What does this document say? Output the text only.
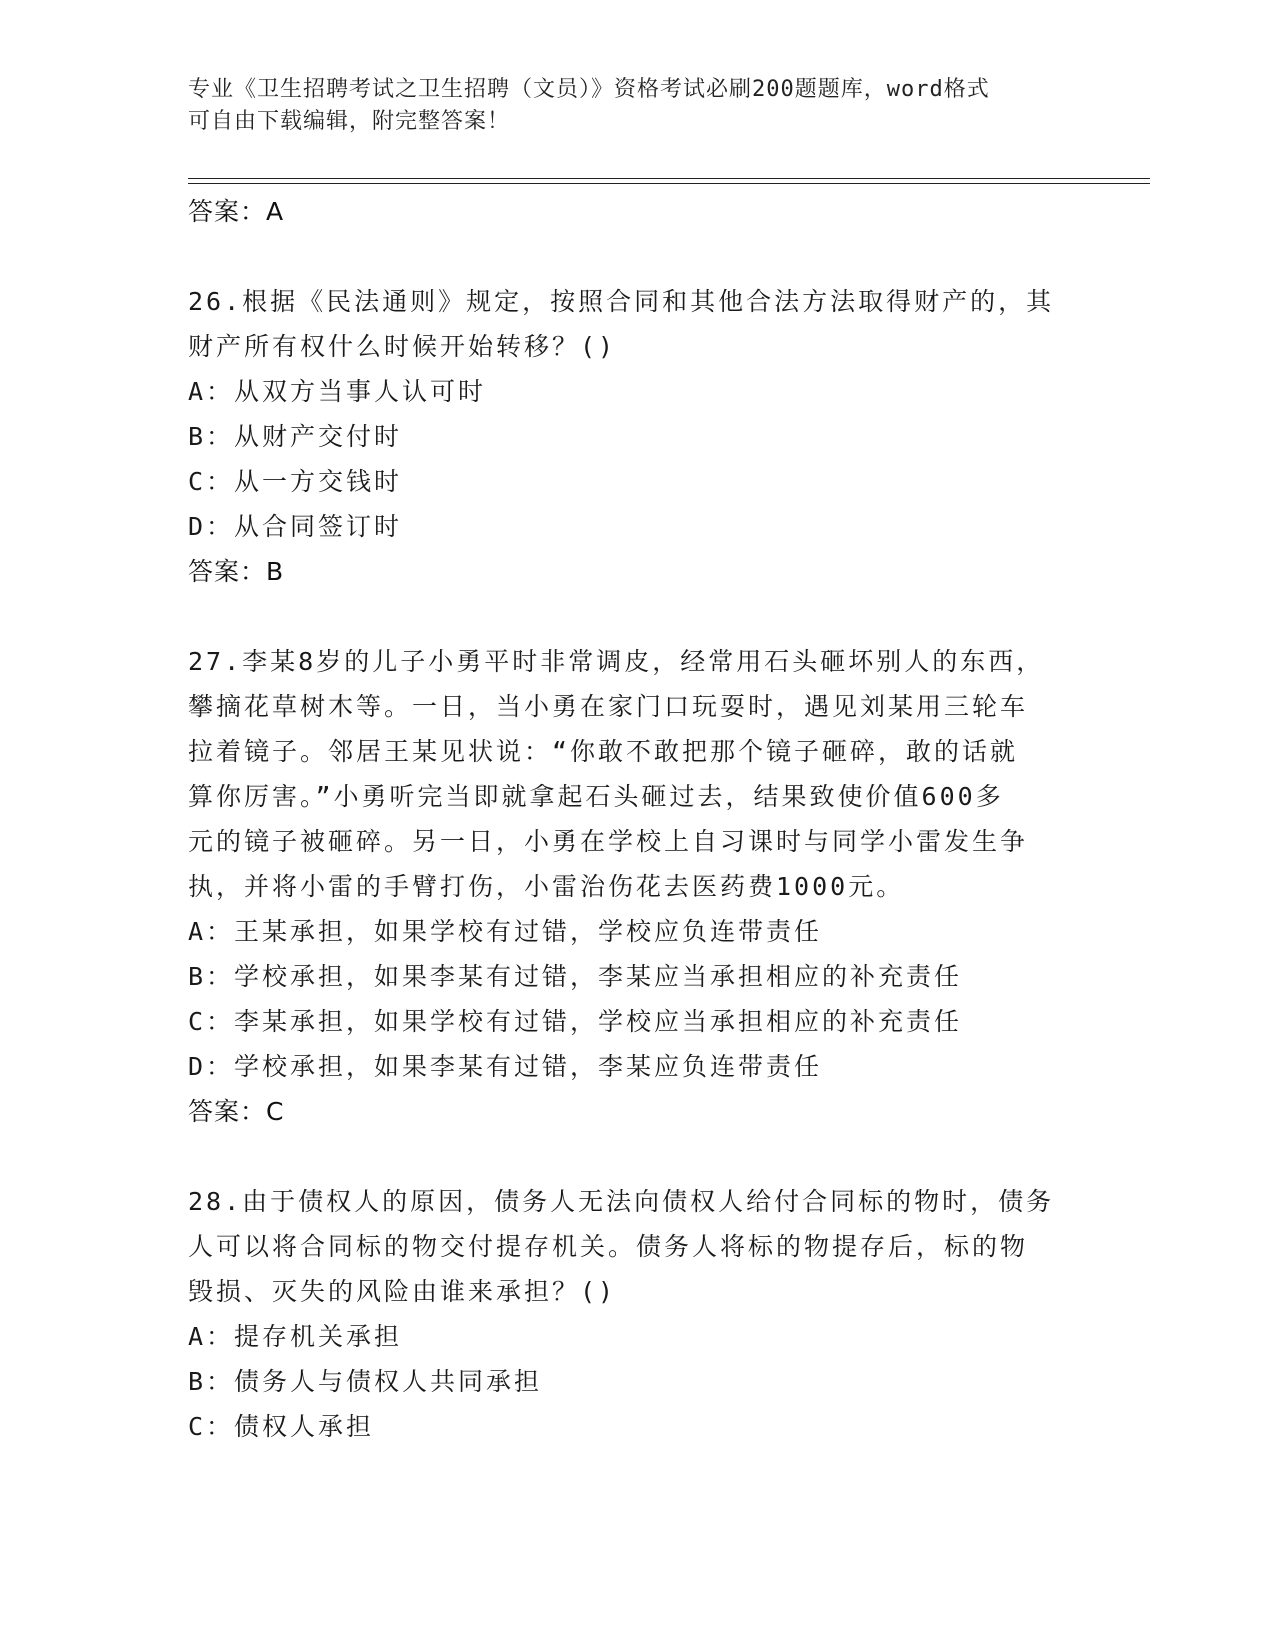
专业《卫生招聘考试之卫生招聘（文员）》资格考试必刷200题题库，word格式
可自由下载编辑，附完整答案！
答案：A
26.根据《民法通则》规定，按照合同和其他合法方法取得财产的，其
财产所有权什么时候开始转移？()
A：从双方当事人认可时
B：从财产交付时
C：从一方交钱时
D：从合同签订时
答案：B
27.李某8岁的儿子小勇平时非常调皮，经常用石头砸坏别人的东西，
攀摘花草树木等。一日，当小勇在家门口玩耍时，遇见刘某用三轮车
拉着镜子。邻居王某见状说：“你敢不敢把那个镜子砸碎，敢的话就
算你厉害。”小勇听完当即就拿起石头砸过去，结果致使价值600多
元的镜子被砸碎。另一日，小勇在学校上自习课时与同学小雷发生争
执，并将小雷的手臂打伤，小雷治伤花去医药费1000元。
A：王某承担，如果学校有过错，学校应负连带责任
B：学校承担，如果李某有过错，李某应当承担相应的补充责任
C：李某承担，如果学校有过错，学校应当承担相应的补充责任
D：学校承担，如果李某有过错，李某应负连带责任
答案：C
28.由于债权人的原因，债务人无法向债权人给付合同标的物时，债务
人可以将合同标的物交付提存机关。债务人将标的物提存后，标的物
毁损、灭失的风险由谁来承担？()
A：提存机关承担
B：债务人与债权人共同承担
C：债权人承担
